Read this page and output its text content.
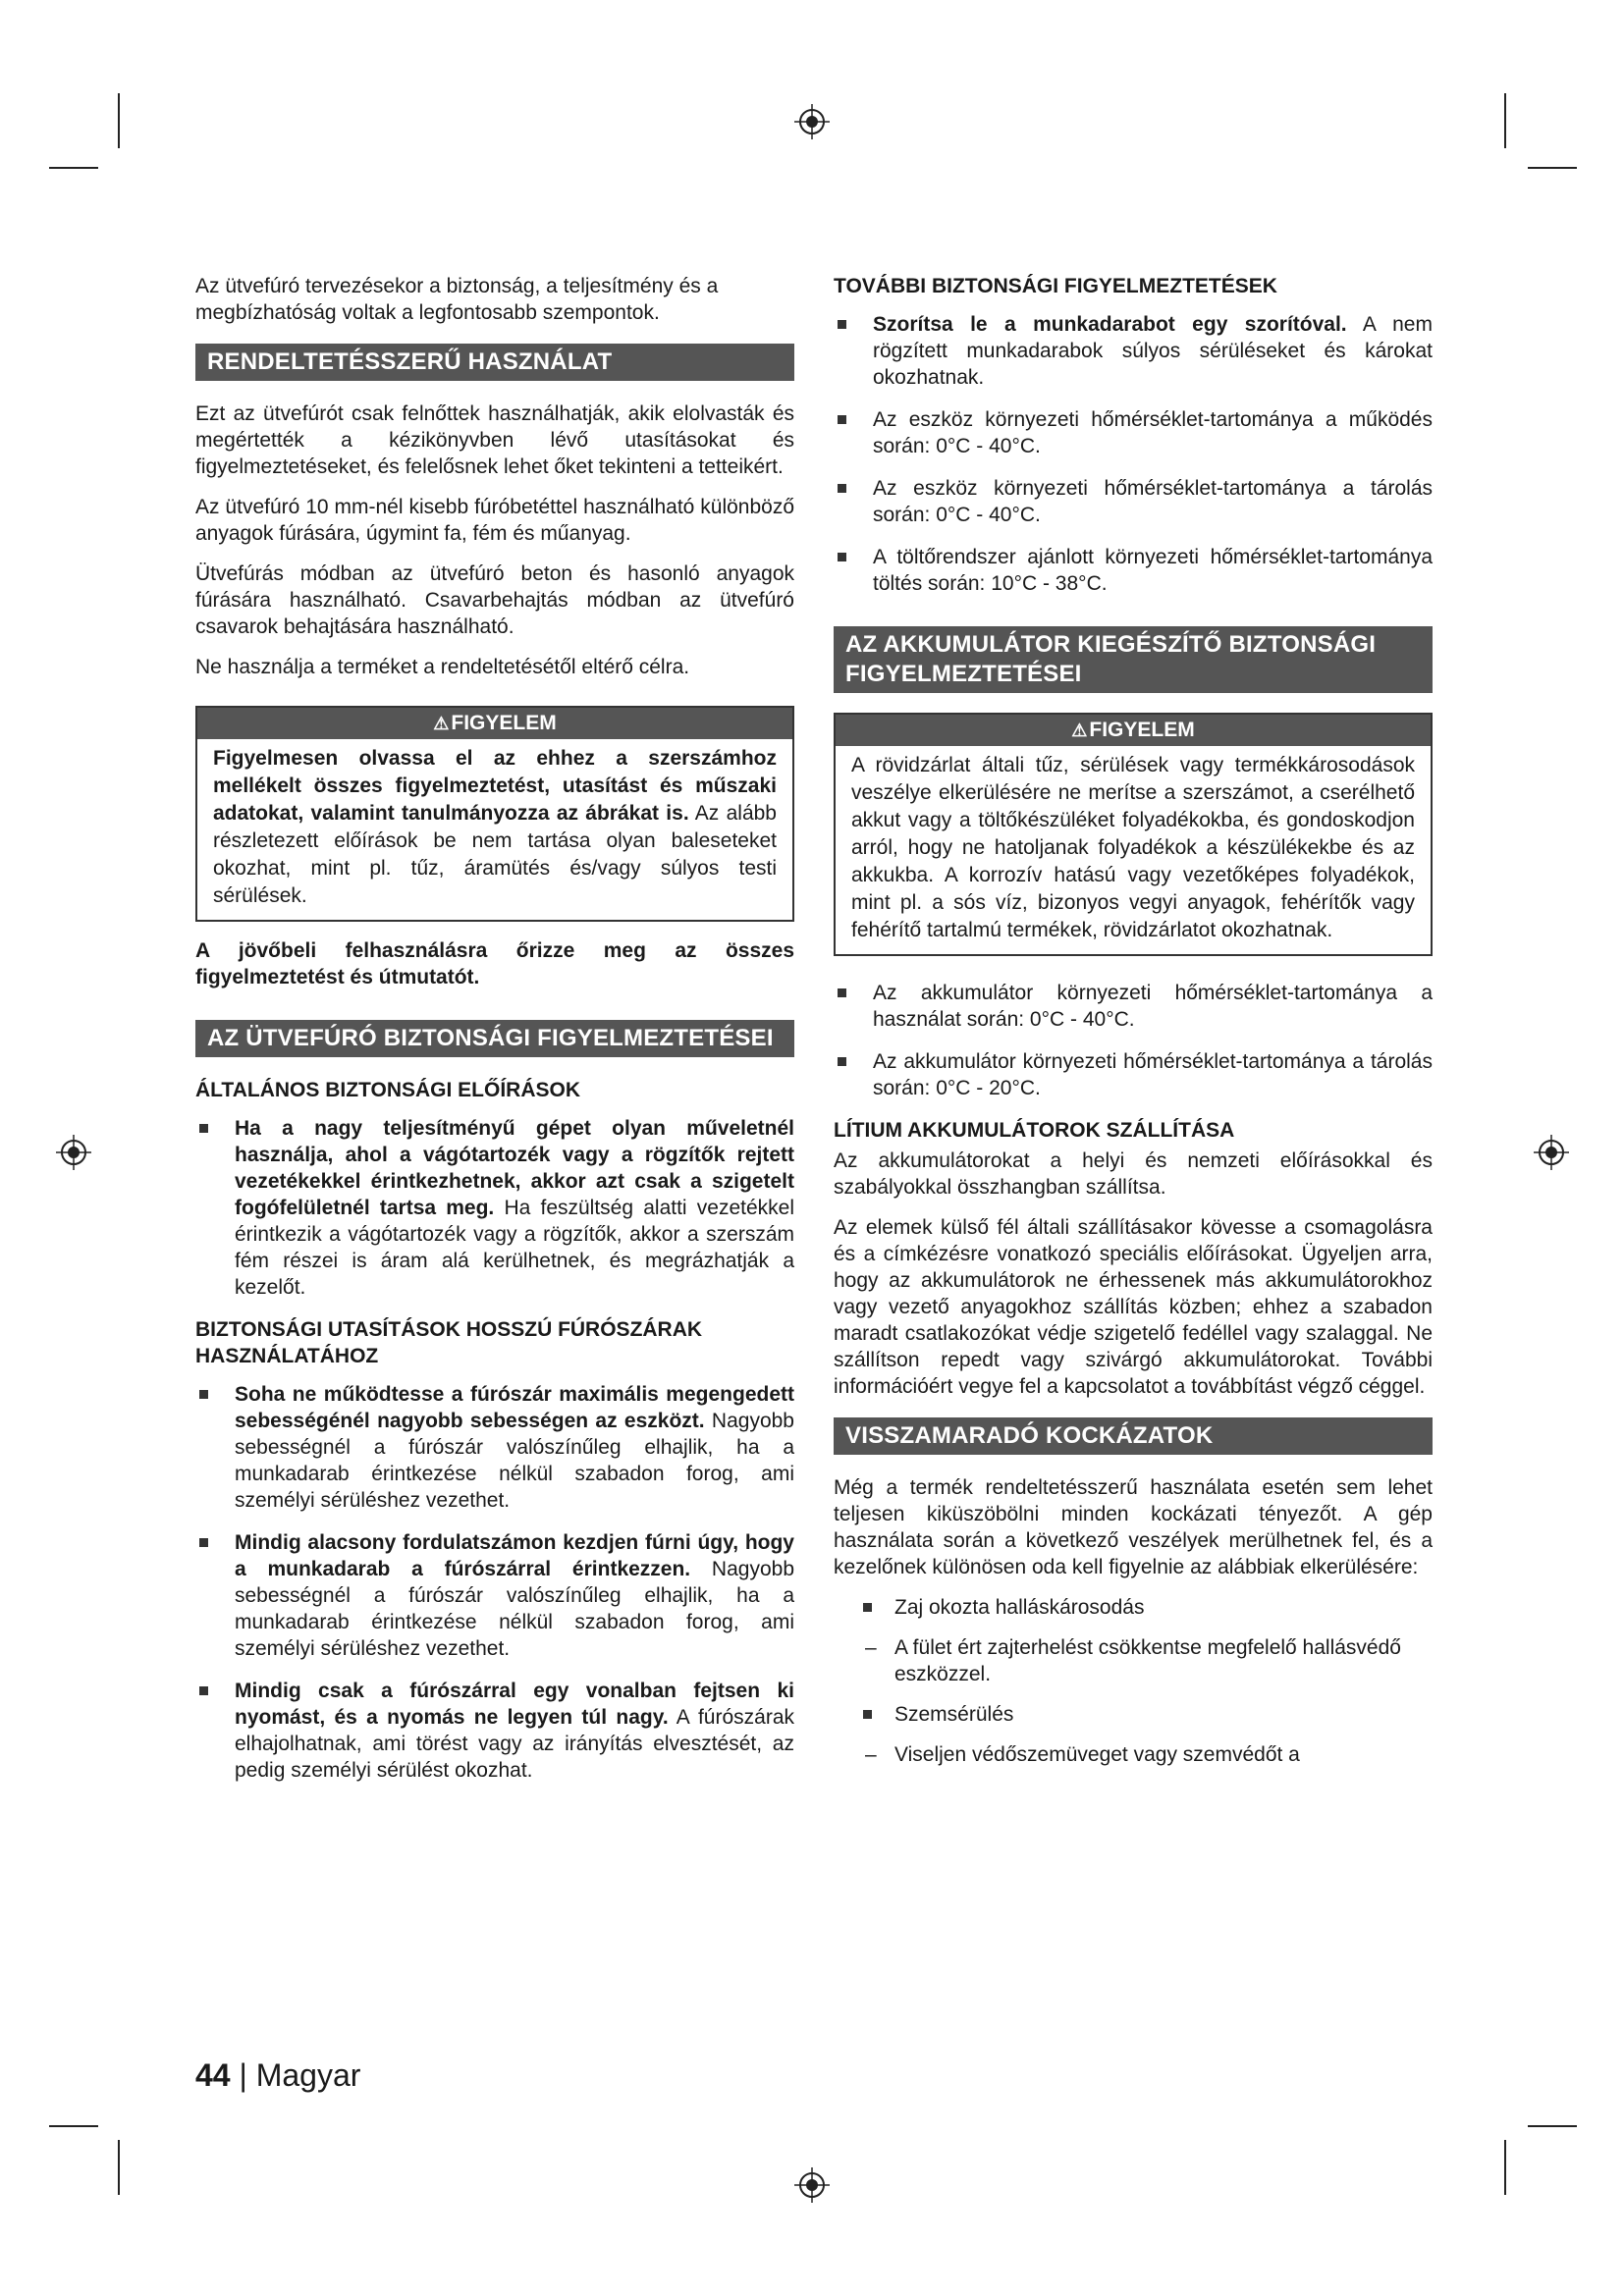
Az ütvefúró tervezésekor a biztonság, a teljesítmény és a megbízhatóság voltak a legfontosabb szempontok.

RENDELTETÉSSZERŰ HASZNÁLAT

Ezt az ütvefúrót csak felnőttek használhatják, akik elolvasták és megértették a kézikönyvben lévő utasításokat és figyelmeztetéseket, és felelősnek lehet őket tekinteni a tetteikért.

Az ütvefúró 10 mm-nél kisebb fúróbetéttel használható különböző anyagok fúrására, úgymint fa, fém és műanyag.

Ütvefúrás módban az ütvefúró beton és hasonló anyagok fúrására használható. Csavarbehajtás módban az ütvefúró csavarok behajtására használható.

Ne használja a terméket a rendeltetésétől eltérő célra.

⚠FIGYELEM
Figyelmesen olvassa el az ehhez a szerszámhoz mellékelt összes figyelmeztetést, utasítást és műszaki adatokat, valamint tanulmányozza az ábrákat is. Az alább részletezett előírások be nem tartása olyan baleseteket okozhat, mint pl. tűz, áramütés és/vagy súlyos testi sérülések.

A jövőbeli felhasználásra őrizze meg az összes figyelmeztetést és útmutatót.

AZ ÜTVEFÚRÓ BIZTONSÁGI FIGYELMEZTETÉSEI
ÁLTALÁNOS BIZTONSÁGI ELŐÍRÁSOK
Ha a nagy teljesítményű gépet olyan műveletnél használja, ahol a vágótartozék vagy a rögzítők rejtett vezetékekkel érintkezhetnek, akkor azt csak a szigetelt fogófelületnél tartsa meg. Ha feszültség alatti vezetékkel érintkezik a vágótartozék vagy a rögzítők, akkor a szerszám fém részei is áram alá kerülhetnek, és megrázhatják a kezelőt.
BIZTONSÁGI UTASÍTÁSOK HOSSZÚ FÚRÓSZÁRAK HASZNÁLATÁHOZ
Soha ne működtesse a fúrószár maximális megengedett sebességénél nagyobb sebességen az eszközt. Nagyobb sebességnél a fúrószár valószínűleg elhajlik, ha a munkadarab érintkezése nélkül szabadon forog, ami személyi sérüléshez vezethet.
Mindig alacsony fordulatszámon kezdjen fúrni úgy, hogy a munkadarab a fúrószárral érintkezzen. Nagyobb sebességnél a fúrószár valószínűleg elhajlik, ha a munkadarab érintkezése nélkül szabadon forog, ami személyi sérüléshez vezethet.
Mindig csak a fúrószárral egy vonalban fejtsen ki nyomást, és a nyomás ne legyen túl nagy. A fúrószárak elhajolhatnak, ami törést vagy az irányítás elvesztését, az pedig személyi sérülést okozhat.
TOVÁBBI BIZTONSÁGI FIGYELMEZTETÉSEK
Szorítsa le a munkadarabot egy szorítóval. A nem rögzített munkadarabok súlyos sérüléseket és károkat okozhatnak.
Az eszköz környezeti hőmérséklet-tartománya a működés során: 0°C - 40°C.
Az eszköz környezeti hőmérséklet-tartománya a tárolás során: 0°C - 40°C.
A töltőrendszer ajánlott környezeti hőmérséklet-tartománya töltés során: 10°C - 38°C.
AZ AKKUMULÁTOR KIEGÉSZÍTŐ BIZTONSÁGI FIGYELMEZTETÉSEI
⚠FIGYELEM
A rövidzárlat általi tűz, sérülések vagy termékkárosodások veszélye elkerülésére ne merítse a szerszámot, a cserélhető akkut vagy a töltőkészüléket folyadékokba, és gondoskodjon arról, hogy ne hatoljanak folyadékok a készülékekbe és az akkukba. A korrozív hatású vagy vezetőképes folyadékok, mint pl. a sós víz, bizonyos vegyi anyagok, fehérítők vagy fehérítő tartalmú termékek, rövidzárlatot okozhatnak.
Az akkumulátor környezeti hőmérséklet-tartománya a használat során: 0°C - 40°C.
Az akkumulátor környezeti hőmérséklet-tartománya a tárolás során: 0°C - 20°C.
LÍTIUM AKKUMULÁTOROK SZÁLLÍTÁSA

Az akkumulátorokat a helyi és nemzeti előírásokkal és szabályokkal összhangban szállítsa.

Az elemek külső fél általi szállításakor kövesse a csomagolásra és a címkézésre vonatkozó speciális előírásokat. Ügyeljen arra, hogy az akkumulátorok ne érhessenek más akkumulátorokhoz vagy vezető anyagokhoz szállítás közben; ehhez a szabadon maradt csatlakozókat védje szigetelő fedéllel vagy szalaggal. Ne szállítson repedt vagy szivárgó akkumulátorokat. További információért vegye fel a kapcsolatot a továbbítást végző céggel.

VISSZAMARADÓ KOCKÁZATOK

Még a termék rendeltetésszerű használata esetén sem lehet teljesen kiküszöbölni minden kockázati tényezőt. A gép használata során a következő veszélyek merülhetnek fel, és a kezelőnek különösen oda kell figyelnie az alábbiak elkerülésére:

Zaj okozta halláskárosodás
– A fület ért zajterhelést csökkentse megfelelő hallásvédő eszközzel.
Szemsérülés
– Viseljen védőszemüveget vagy szemvédőt a
44 | Magyar
